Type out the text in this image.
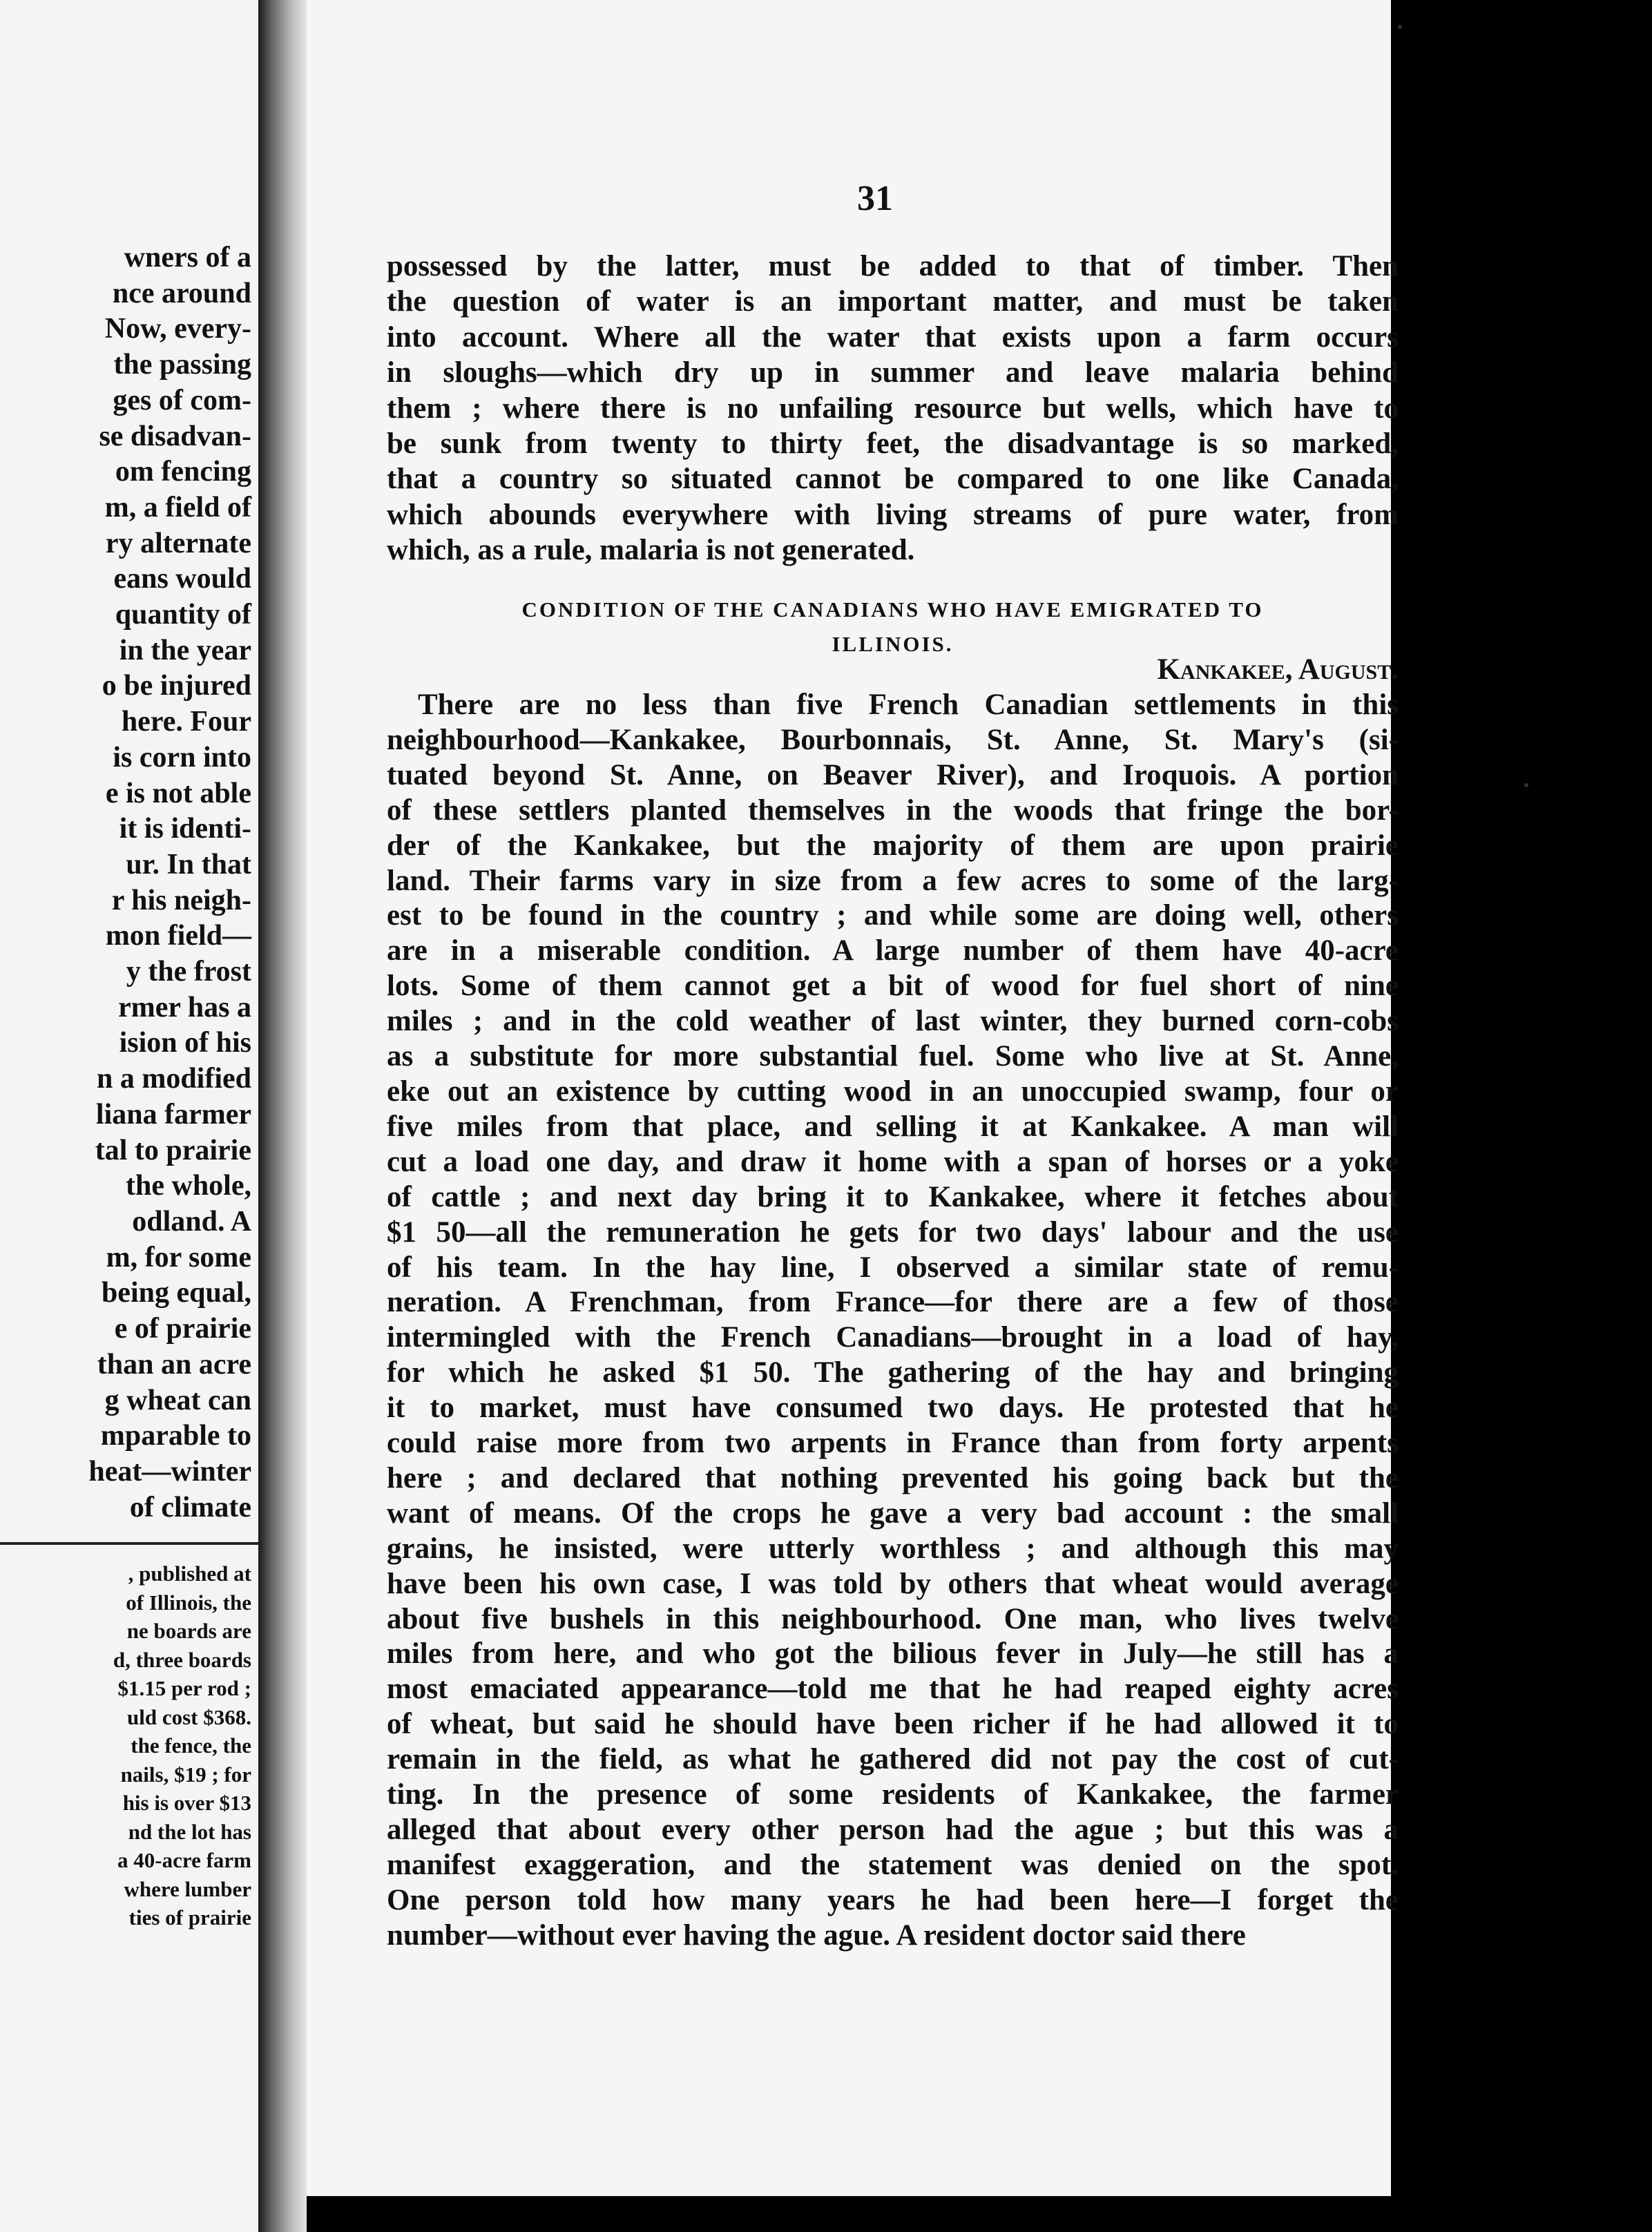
wners of a
nce around
Now, every-
the passing
ges of com-
se disadvan-
om fencing
m, a field of
ry alternate
eans would
quantity of
in the year
o be injured
here. Four
is corn into
e is not able
it is identi-
ur. In that
r his neigh-
mon field—
y the frost
rmer has a
ision of his
n a modified
liana farmer
tal to prairie
the whole,
odland. A
m, for some
being equal,
e of prairie
than an acre
g wheat can
mparable to
heat—winter
of climate
, published at
of Illinois, the
ne boards are
d, three boards
$1.15 per rod ;
uld cost $368.
the fence, the
nails, $19 ; for
his is over $13
nd the lot has
a 40-acre farm
where lumber
ties of prairie
31
possessed by the latter, must be added to that of timber. Then
the question of water is an important matter, and must be taken
into account. Where all the water that exists upon a farm occurs
in sloughs—which dry up in summer and leave malaria behind
them ; where there is no unfailing resource but wells, which have to
be sunk from twenty to thirty feet, the disadvantage is so marked,
that a country so situated cannot be compared to one like Canada,
which abounds everywhere with living streams of pure water, from
which, as a rule, malaria is not generated.
CONDITION OF THE CANADIANS WHO HAVE EMIGRATED TO
ILLINOIS.
Kankakee, August.
There are no less than five French Canadian settlements in this
neighbourhood—Kankakee, Bourbonnais, St. Anne, St. Mary's (si-
tuated beyond St. Anne, on Beaver River), and Iroquois. A portion
of these settlers planted themselves in the woods that fringe the bor-
der of the Kankakee, but the majority of them are upon prairie
land. Their farms vary in size from a few acres to some of the larg-
est to be found in the country ; and while some are doing well, others
are in a miserable condition. A large number of them have 40-acre
lots. Some of them cannot get a bit of wood for fuel short of nine
miles ; and in the cold weather of last winter, they burned corn-cobs
as a substitute for more substantial fuel. Some who live at St. Anne,
eke out an existence by cutting wood in an unoccupied swamp, four or
five miles from that place, and selling it at Kankakee. A man will
cut a load one day, and draw it home with a span of horses or a yoke
of cattle ; and next day bring it to Kankakee, where it fetches about
$1 50—all the remuneration he gets for two days' labour and the use
of his team. In the hay line, I observed a similar state of remu-
neration. A Frenchman, from France—for there are a few of those
intermingled with the French Canadians—brought in a load of hay,
for which he asked $1 50. The gathering of the hay and bringing
it to market, must have consumed two days. He protested that he
could raise more from two arpents in France than from forty arpents
here ; and declared that nothing prevented his going back but the
want of means. Of the crops he gave a very bad account : the small
grains, he insisted, were utterly worthless ; and although this may
have been his own case, I was told by others that wheat would average
about five bushels in this neighbourhood. One man, who lives twelve
miles from here, and who got the bilious fever in July—he still has a
most emaciated appearance—told me that he had reaped eighty acres
of wheat, but said he should have been richer if he had allowed it to
remain in the field, as what he gathered did not pay the cost of cut-
ting. In the presence of some residents of Kankakee, the farmer
alleged that about every other person had the ague ; but this was a
manifest exaggeration, and the statement was denied on the spot.
One person told how many years he had been here—I forget the
number—without ever having the ague. A resident doctor said there
